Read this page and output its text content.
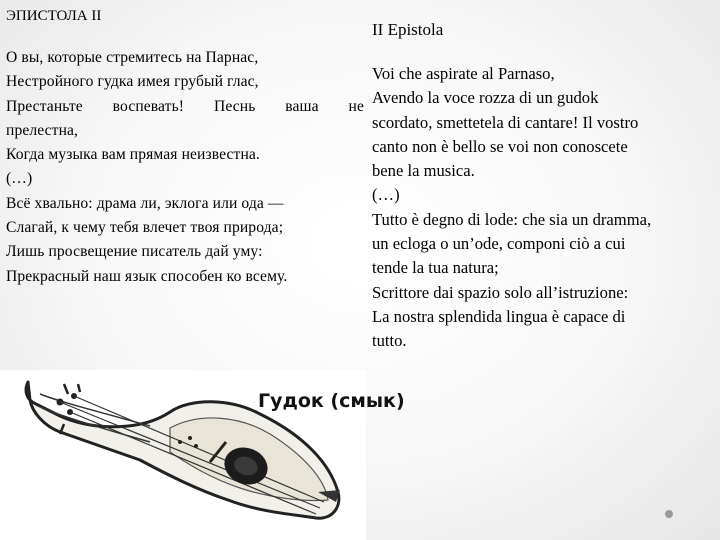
ЭПИСТОЛА II

О вы, которые стремитесь на Парнас,

Нестройного гудка имея грубый глас,

Престаньте воспевать! Песнь ваша не

прелестна,

Когда музыка вам прямая неизвестна.

(…)

Всё хвально: драма ли, эклога или ода —

Слагай, к чему тебя влечет твоя природа;

Лишь просвещение писатель дай уму:

Прекрасный наш язык способен ко всему.

II Epistola

Voi che aspirate al Parnaso,

Avendo la voce rozza di un gudok

scordato, smettetela di cantare! Il vostro

canto non è bello se voi non conoscete

bene la musica.

(…)

Tutto è degno di lode: che sia un dramma,

un ecloga o un’ode, componi ciò a cui

tende la tua natura;

Scrittore dai spazio solo all’istruzione:

La nostra splendida lingua è capace di

tutto.

Гудок (смык)
